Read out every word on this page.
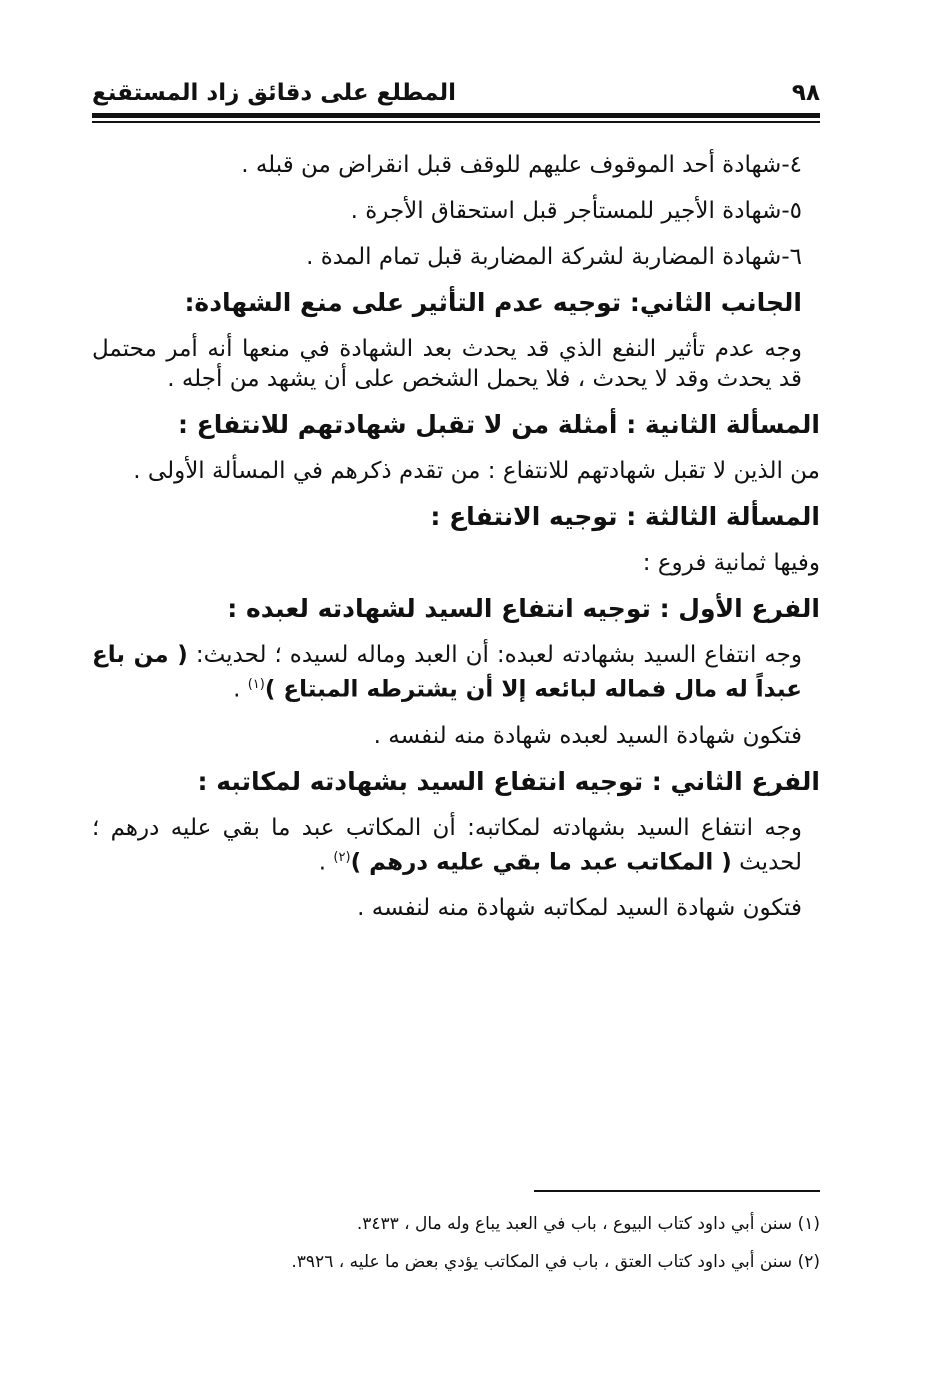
٩٨
المطلع على دقائق زاد المستقنع
٤-شهادة أحد الموقوف عليهم للوقف قبل انقراض من قبله .
٥-شهادة الأجير للمستأجر قبل استحقاق الأجرة .
٦-شهادة المضاربة لشركة المضاربة قبل تمام المدة .
الجانب الثاني: توجيه عدم التأثير على منع الشهادة:
وجه عدم تأثير النفع الذي قد يحدث بعد الشهادة في منعها أنه أمر محتمل قد يحدث وقد لا يحدث ، فلا يحمل الشخص على أن يشهد من أجله .
المسألة الثانية : أمثلة من لا تقبل شهادتهم للانتفاع :
من الذين لا تقبل شهادتهم للانتفاع : من تقدم ذكرهم في المسألة الأولى .
المسألة الثالثة : توجيه الانتفاع :
وفيها ثمانية فروع :
الفرع الأول : توجيه انتفاع السيد لشهادته لعبده :
وجه انتفاع السيد بشهادته لعبده: أن العبد وماله لسيده ؛ لحديث: ( من باع عبداً له مال فماله لبائعه إلا أن يشترطه المبتاع )$^{(١)}$ .
فتكون شهادة السيد لعبده شهادة منه لنفسه .
الفرع الثاني : توجيه انتفاع السيد بشهادته لمكاتبه :
وجه انتفاع السيد بشهادته لمكاتبه: أن المكاتب عبد ما بقي عليه درهم ؛ لحديث ( المكاتب عبد ما بقي عليه درهم )$^{(٢)}$ .
فتكون شهادة السيد لمكاتبه شهادة منه لنفسه .
(١) سنن أبي داود كتاب البيوع ، باب في العبد يباع وله مال ، ٣٤٣٣.
(٢) سنن أبي داود كتاب العتق ، باب في المكاتب يؤدي بعض ما عليه ، ٣٩٢٦.
